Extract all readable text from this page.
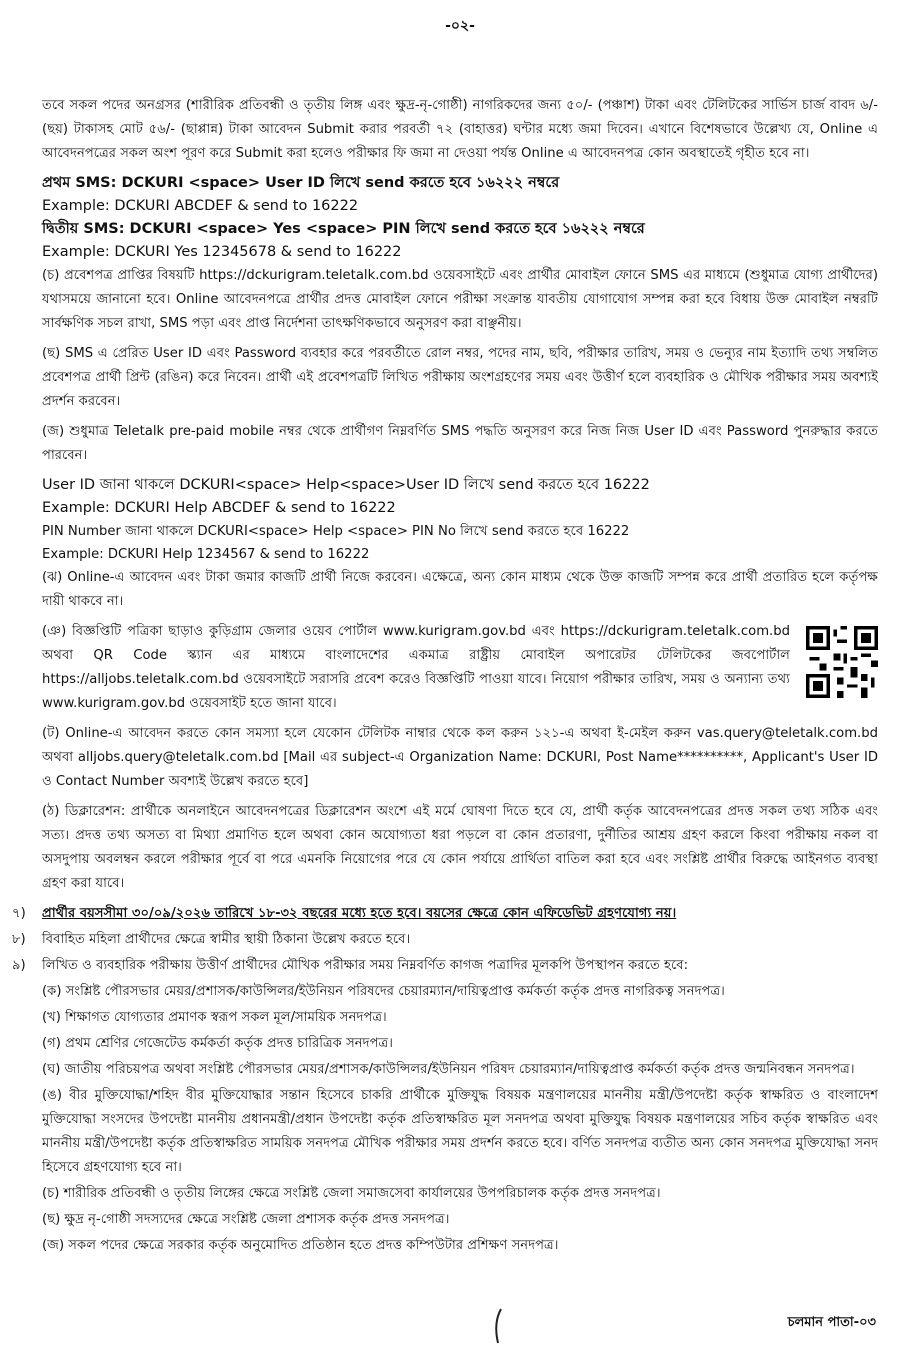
-০২-

তবে সকল পদের অনগ্রসর (শারীরিক প্রতিবন্ধী ও তৃতীয় লিঙ্গ এবং ক্ষুদ্র-নৃ-গোষ্ঠী) নাগরিকদের জন্য ৫০/- (পঞ্চাশ) টাকা এবং টেলিটকের সার্ভিস চার্জ বাবদ ৬/- (ছয়) টাকাসহ মোট ৫৬/- (ছাপ্পান্ন) টাকা আবেদন Submit করার পরবর্তী ৭২ (বাহাত্তর) ঘন্টার মধ্যে জমা দিবেন। এখানে বিশেষভাবে উল্লেখ্য যে, Online এ আবেদনপত্রের সকল অংশ পূরণ করে Submit করা হলেও পরীক্ষার ফি জমা না দেওয়া পর্যন্ত Online এ আবেদনপত্র কোন অবস্থাতেই গৃহীত হবে না।

প্রথম SMS: DCKURI <space> User ID লিখে send করতে হবে ১৬২২২ নম্বরে

Example: DCKURI ABCDEF & send to 16222

দ্বিতীয় SMS: DCKURI <space> Yes <space> PIN লিখে send করতে হবে ১৬২২২ নম্বরে

Example: DCKURI Yes 12345678 & send to 16222

(চ) প্রবেশপত্র প্রাপ্তির বিষয়টি https://dckurigram.teletalk.com.bd ওয়েবসাইটে এবং প্রার্থীর মোবাইল ফোনে SMS এর মাধ্যমে (শুধুমাত্র যোগ্য প্রার্থীদের) যথাসময়ে জানানো হবে। Online আবেদনপত্রে প্রার্থীর প্রদত্ত মোবাইল ফোনে পরীক্ষা সংক্রান্ত যাবতীয় যোগাযোগ সম্পন্ন করা হবে বিধায় উক্ত মোবাইল নম্বরটি সার্বক্ষণিক সচল রাখা, SMS পড়া এবং প্রাপ্ত নির্দেশনা তাৎক্ষণিকভাবে অনুসরণ করা বাঞ্ছনীয়।

(ছ) SMS এ প্রেরিত User ID এবং Password ব্যবহার করে পরবর্তীতে রোল নম্বর, পদের নাম, ছবি, পরীক্ষার তারিখ, সময় ও ভেন্যুর নাম ইত্যাদি তথ্য সম্বলিত প্রবেশপত্র প্রার্থী প্রিন্ট (রঙিন) করে নিবেন। প্রার্থী এই প্রবেশপত্রটি লিখিত পরীক্ষায় অংশগ্রহণের সময় এবং উত্তীর্ণ হলে ব্যবহারিক ও মৌখিক পরীক্ষার সময় অবশ্যই প্রদর্শন করবেন।

(জ) শুধুমাত্র Teletalk pre-paid mobile নম্বর থেকে প্রার্থীগণ নিম্নবর্ণিত SMS পদ্ধতি অনুসরণ করে নিজ নিজ User ID এবং Password পুনরুদ্ধার করতে পারবেন।

User ID জানা থাকলে DCKURI<space> Help<space>User ID লিখে send করতে হবে 16222

Example: DCKURI Help ABCDEF & send to 16222

PIN Number জানা থাকলে DCKURI<space> Help <space> PIN No লিখে send করতে হবে 16222

Example: DCKURI Help 1234567 & send to 16222

(ঝ) Online-এ আবেদন এবং টাকা জমার কাজটি প্রার্থী নিজে করবেন। এক্ষেত্রে, অন্য কোন মাধ্যম থেকে উক্ত কাজটি সম্পন্ন করে প্রার্থী প্রতারিত হলে কর্তৃপক্ষ দায়ী থাকবে না।

(ঞ) বিজ্ঞপ্তিটি পত্রিকা ছাড়াও কুড়িগ্রাম জেলার ওয়েব পোর্টাল www.kurigram.gov.bd এবং https://dckurigram.teletalk.com.bd অথবা QR Code স্ক্যান এর মাধ্যমে বাংলাদেশের একমাত্র রাষ্ট্রীয় মোবাইল অপারেটর টেলিটকের জবপোর্টাল https://alljobs.teletalk.com.bd ওয়েবসাইটে সরাসরি প্রবেশ করেও বিজ্ঞপ্তিটি পাওয়া যাবে। নিয়োগ পরীক্ষার তারিখ, সময় ও অন্যান্য তথ্য www.kurigram.gov.bd ওয়েবসাইট হতে জানা যাবে।

(ট) Online-এ আবেদন করতে কোন সমস্যা হলে যেকোন টেলিটক নাম্বার থেকে কল করুন ১২১-এ অথবা ই-মেইল করুন vas.query@teletalk.com.bd অথবা alljobs.query@teletalk.com.bd [Mail এর subject-এ Organization Name: DCKURI, Post Name**********, Applicant's User ID ও Contact Number অবশ্যই উল্লেখ করতে হবে]

(ঠ) ডিক্লারেশন: প্রার্থীকে অনলাইনে আবেদনপত্রের ডিক্লারেশন অংশে এই মর্মে ঘোষণা দিতে হবে যে, প্রার্থী কর্তৃক আবেদনপত্রের প্রদত্ত সকল তথ্য সঠিক এবং সত্য। প্রদত্ত তথ্য অসত্য বা মিথ্যা প্রমাণিত হলে অথবা কোন অযোগ্যতা ধরা পড়লে বা কোন প্রতারণা, দুর্নীতির আশ্রয় গ্রহণ করলে কিংবা পরীক্ষায় নকল বা অসদুপায় অবলম্বন করলে পরীক্ষার পূর্বে বা পরে এমনকি নিয়োগের পরে যে কোন পর্যায়ে প্রার্থিতা বাতিল করা হবে এবং সংশ্লিষ্ট প্রার্থীর বিরুদ্ধে আইনগত ব্যবস্থা গ্রহণ করা যাবে।

৭)	প্রার্থীর বয়সসীমা ৩০/০৯/২০২৬ তারিখে ১৮-৩২ বছরের মধ্যে হতে হবে। বয়সের ক্ষেত্রে কোন এফিডেভিট গ্রহণযোগ্য নয়।

৮)	বিবাহিত মহিলা প্রার্থীদের ক্ষেত্রে স্বামীর স্থায়ী ঠিকানা উল্লেখ করতে হবে।

৯)	লিখিত ও ব্যবহারিক পরীক্ষায় উত্তীর্ণ প্রার্থীদের মৌখিক পরীক্ষার সময় নিম্নবর্ণিত কাগজ পত্রাদির মূলকপি উপস্থাপন করতে হবে:

(ক) সংশ্লিষ্ট পৌরসভার মেয়র/প্রশাসক/কাউন্সিলর/ইউনিয়ন পরিষদের চেয়ারম্যান/দায়িত্বপ্রাপ্ত কর্মকর্তা কর্তৃক প্রদত্ত নাগরিকত্ব সনদপত্র।

(খ) শিক্ষাগত যোগ্যতার প্রমাণক স্বরূপ সকল মূল/সাময়িক সনদপত্র।

(গ) প্রথম শ্রেণির গেজেটেড কর্মকর্তা কর্তৃক প্রদত্ত চারিত্রিক সনদপত্র।

(ঘ) জাতীয় পরিচয়পত্র অথবা সংশ্লিষ্ট পৌরসভার মেয়র/প্রশাসক/কাউন্সিলর/ইউনিয়ন পরিষদ চেয়ারম্যান/দায়িত্বপ্রাপ্ত কর্মকর্তা কর্তৃক প্রদত্ত জন্মনিবন্ধন সনদপত্র।

(ঙ) বীর মুক্তিযোদ্ধা/শহিদ বীর মুক্তিযোদ্ধার সন্তান হিসেবে চাকরি প্রার্থীকে মুক্তিযুদ্ধ বিষয়ক মন্ত্রণালয়ের মাননীয় মন্ত্রী/উপদেষ্টা কর্তৃক স্বাক্ষরিত ও বাংলাদেশ মুক্তিযোদ্ধা সংসদের উপদেষ্টা মাননীয় প্রধানমন্ত্রী/প্রধান উপদেষ্টা কর্তৃক প্রতিস্বাক্ষরিত মূল সনদপত্র অথবা মুক্তিযুদ্ধ বিষয়ক মন্ত্রণালয়ের সচিব কর্তৃক স্বাক্ষরিত এবং মাননীয় মন্ত্রী/উপদেষ্টা কর্তৃক প্রতিস্বাক্ষরিত সাময়িক সনদপত্র মৌখিক পরীক্ষার সময় প্রদর্শন করতে হবে। বর্ণিত সনদপত্র ব্যতীত অন্য কোন সনদপত্র মুক্তিযোদ্ধা সনদ হিসেবে গ্রহণযোগ্য হবে না।

(চ) শারীরিক প্রতিবন্ধী ও তৃতীয় লিঙ্গের ক্ষেত্রে সংশ্লিষ্ট জেলা সমাজসেবা কার্যালয়ের উপপরিচালক কর্তৃক প্রদত্ত সনদপত্র।

(ছ) ক্ষুদ্র নৃ-গোষ্ঠী সদস্যদের ক্ষেত্রে সংশ্লিষ্ট জেলা প্রশাসক কর্তৃক প্রদত্ত সনদপত্র।

(জ) সকল পদের ক্ষেত্রে সরকার কর্তৃক অনুমোদিত প্রতিষ্ঠান হতে প্রদত্ত কম্পিউটার প্রশিক্ষণ সনদপত্র।

চলমান পাতা-০৩
